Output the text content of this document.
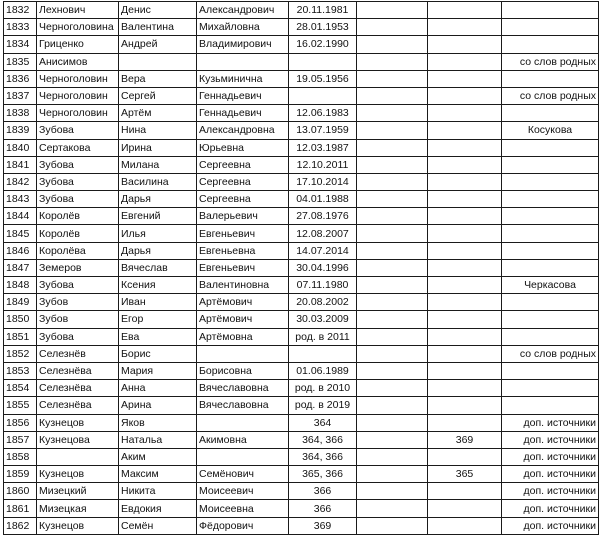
1832	Лехнович	Денис	Александрович	20.11.1981			
1833	Черноголовина	Валентина	Михайловна	28.01.1953			
1834	Гриценко	Андрей	Владимирович	16.02.1990			
1835	Анисимов						со слов родных
1836	Черноголовин	Вера	Кузьминична	19.05.1956			
1837	Черноголовин	Сергей	Геннадьевич				со слов родных
1838	Черноголовин	Артём	Геннадьевич	12.06.1983			
1839	Зубова	Нина	Александровна	13.07.1959			Косукова
1840	Сертакова	Ирина	Юрьевна	12.03.1987			
1841	Зубова	Милана	Сергеевна	12.10.2011			
1842	Зубова	Василина	Сергеевна	17.10.2014			
1843	Зубова	Дарья	Сергеевна	04.01.1988			
1844	Королёв	Евгений	Валерьевич	27.08.1976			
1845	Королёв	Илья	Евгеньевич	12.08.2007			
1846	Королёва	Дарья	Евгеньевна	14.07.2014			
1847	Земеров	Вячеслав	Евгеньевич	30.04.1996			
1848	Зубова	Ксения	Валентиновна	07.11.1980			Черкасова
1849	Зубов	Иван	Артёмович	20.08.2002			
1850	Зубов	Егор	Артёмович	30.03.2009			
1851	Зубова	Ева	Артёмовна	род. в 2011			
1852	Селезнёв	Борис					со слов родных
1853	Селезнёва	Мария	Борисовна	01.06.1989			
1854	Селезнёва	Анна	Вячеславовна	род. в 2010			
1855	Селезнёва	Арина	Вячеславовна	род. в 2019			
1856	Кузнецов	Яков		364			доп. источники
1857	Кузнецова	Натальа	Акимовна	364, 366		369	доп. источники
1858		Аким		364, 366			доп. источники
1859	Кузнецов	Максим	Семёнович	365, 366		365	доп. источники
1860	Мизецкий	Никита	Моисеевич	366			доп. источники
1861	Мизецкая	Евдокия	Моисеевна	366			доп. источники
1862	Кузнецов	Семён	Фёдорович	369			доп. источники
